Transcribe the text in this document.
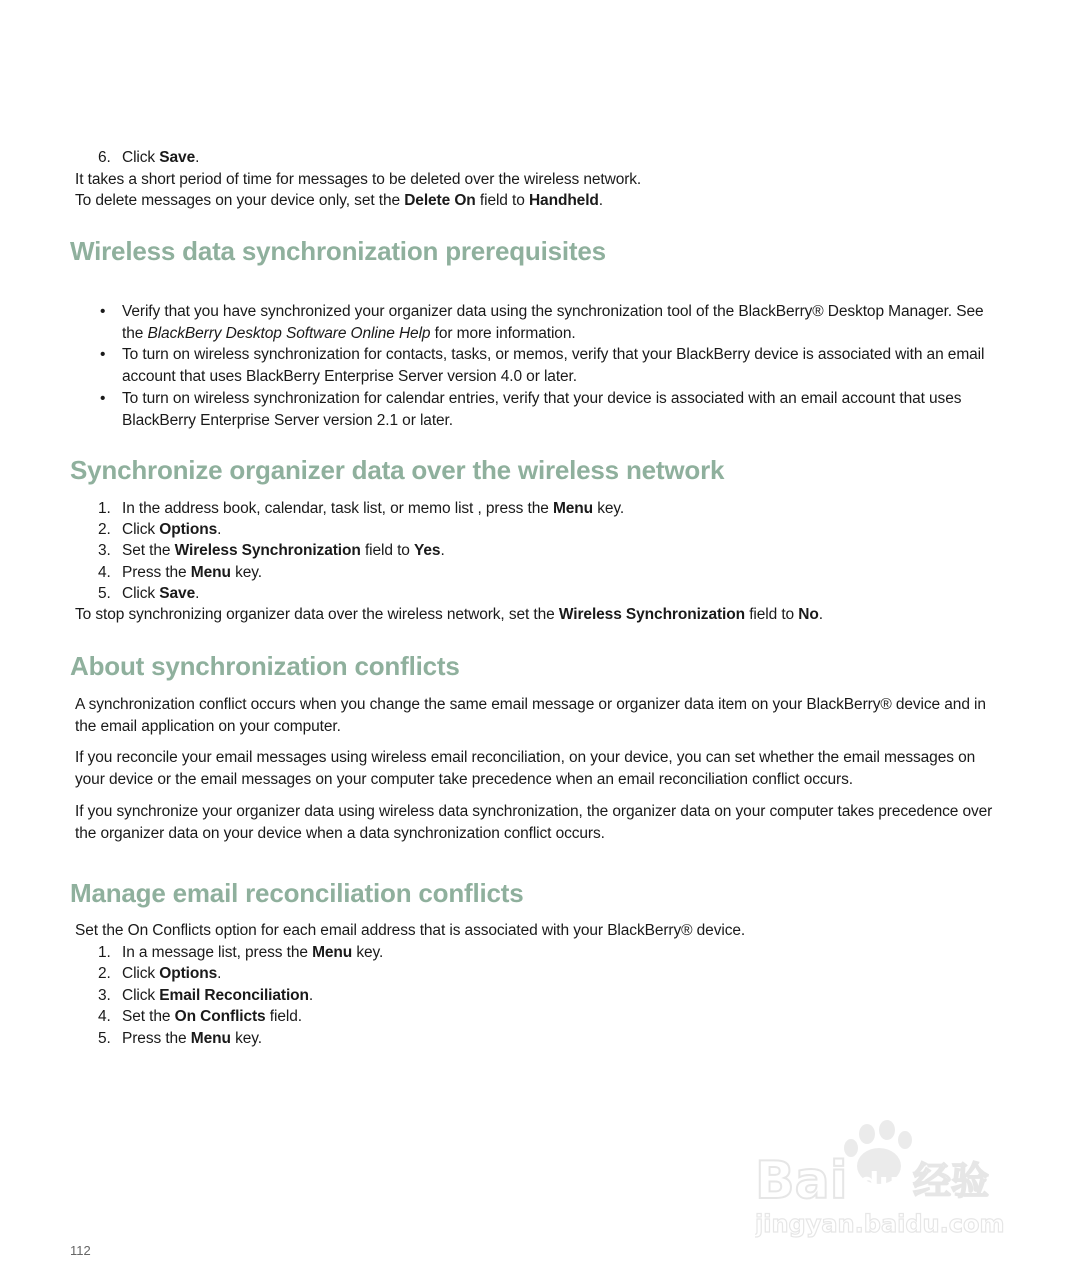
6. Click Save.

It takes a short period of time for messages to be deleted over the wireless network.

To delete messages on your device only, set the Delete On field to Handheld.

Wireless data synchronization prerequisites
•	Verify that you have synchronized your organizer data using the synchronization tool of the BlackBerry® Desktop Manager. See the BlackBerry Desktop Software Online Help for more information.
•	To turn on wireless synchronization for contacts, tasks, or memos, verify that your BlackBerry device is associated with an email account that uses BlackBerry Enterprise Server version 4.0 or later.
•	To turn on wireless synchronization for calendar entries, verify that your device is associated with an email account that uses BlackBerry Enterprise Server version 2.1 or later.
Synchronize organizer data over the wireless network
1. In the address book, calendar, task list, or memo list , press the Menu key.
2. Click Options.
3. Set the Wireless Synchronization field to Yes.
4. Press the Menu key.
5. Click Save.

To stop synchronizing organizer data over the wireless network, set the Wireless Synchronization field to No.

About synchronization conflicts

A synchronization conflict occurs when you change the same email message or organizer data item on your BlackBerry® device and in the email application on your computer.

If you reconcile your email messages using wireless email reconciliation, on your device, you can set whether the email messages on your device or the email messages on your computer take precedence when an email reconciliation conflict occurs.

If you synchronize your organizer data using wireless data synchronization, the organizer data on your computer takes precedence over the organizer data on your device when a data synchronization conflict occurs.

Manage email reconciliation conflicts

Set the On Conflicts option for each email address that is associated with your BlackBerry® device.

1. In a message list, press the Menu key.
2. Click Options.
3. Click Email Reconciliation.
4. Set the On Conflicts field.
5. Press the Menu key.
Bai du 经验
jingyan.baidu.com
112
